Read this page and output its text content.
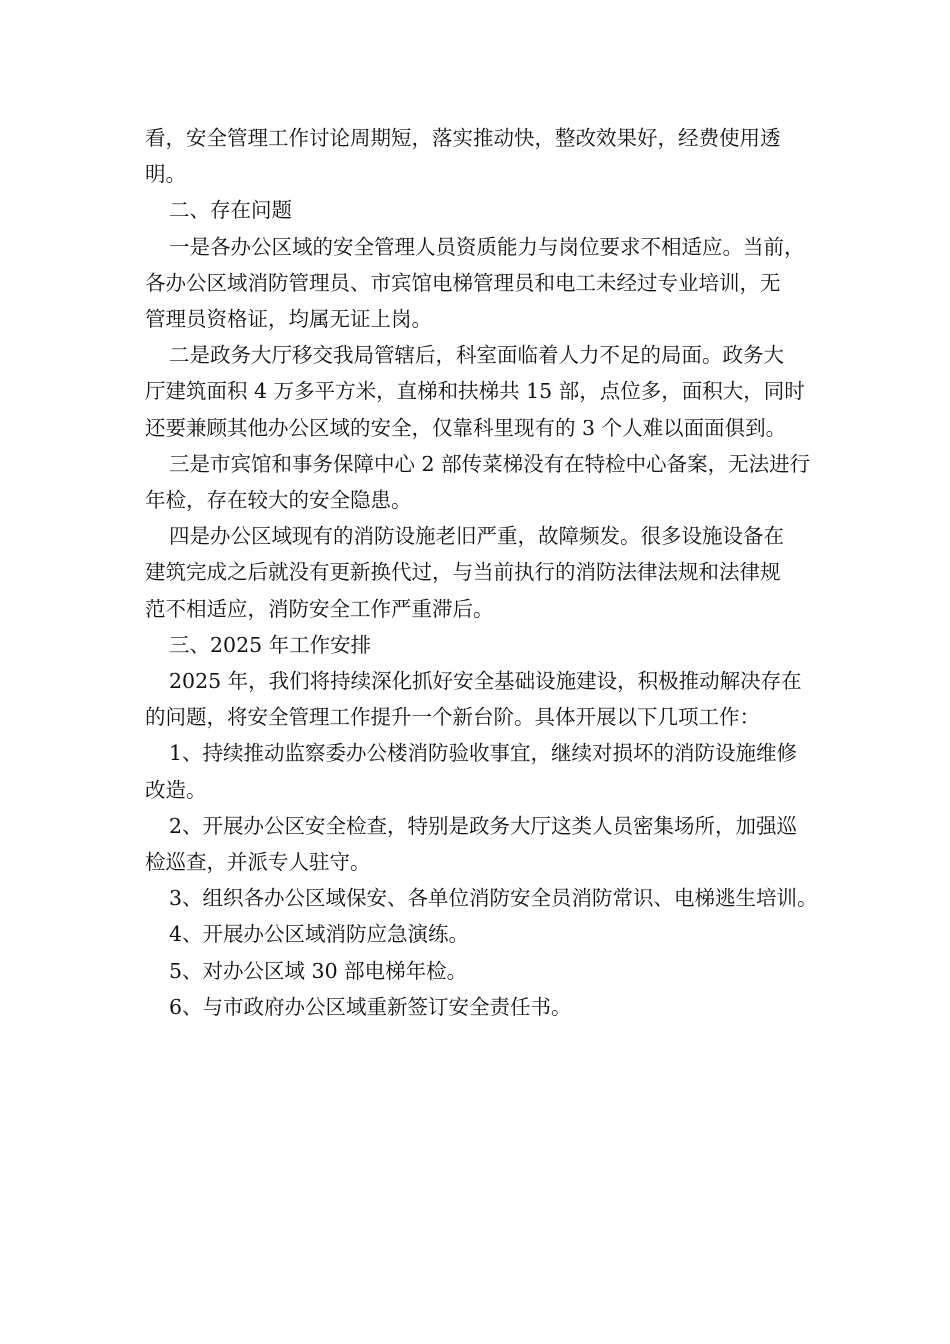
看，安全管理工作讨论周期短，落实推动快，整改效果好，经费使用透
明。

二、存在问题

一是各办公区域的安全管理人员资质能力与岗位要求不相适应。当前，
各办公区域消防管理员、市宾馆电梯管理员和电工未经过专业培训，无
管理员资格证，均属无证上岗。

二是政务大厅移交我局管辖后，科室面临着人力不足的局面。政务大
厅建筑面积 4 万多平方米，直梯和扶梯共 15 部，点位多，面积大，同时
还要兼顾其他办公区域的安全，仅靠科里现有的 3 个人难以面面俱到。

三是市宾馆和事务保障中心 2 部传菜梯没有在特检中心备案，无法进行
年检，存在较大的安全隐患。

四是办公区域现有的消防设施老旧严重，故障频发。很多设施设备在
建筑完成之后就没有更新换代过，与当前执行的消防法律法规和法律规
范不相适应，消防安全工作严重滞后。

三、2025 年工作安排

2025 年，我们将持续深化抓好安全基础设施建设，积极推动解决存在
的问题，将安全管理工作提升一个新台阶。具体开展以下几项工作：

1、持续推动监察委办公楼消防验收事宜，继续对损坏的消防设施维修
改造。

2、开展办公区安全检查，特别是政务大厅这类人员密集场所，加强巡
检巡查，并派专人驻守。

3、组织各办公区域保安、各单位消防安全员消防常识、电梯逃生培训。

4、开展办公区域消防应急演练。

5、对办公区域 30 部电梯年检。

6、与市政府办公区域重新签订安全责任书。
